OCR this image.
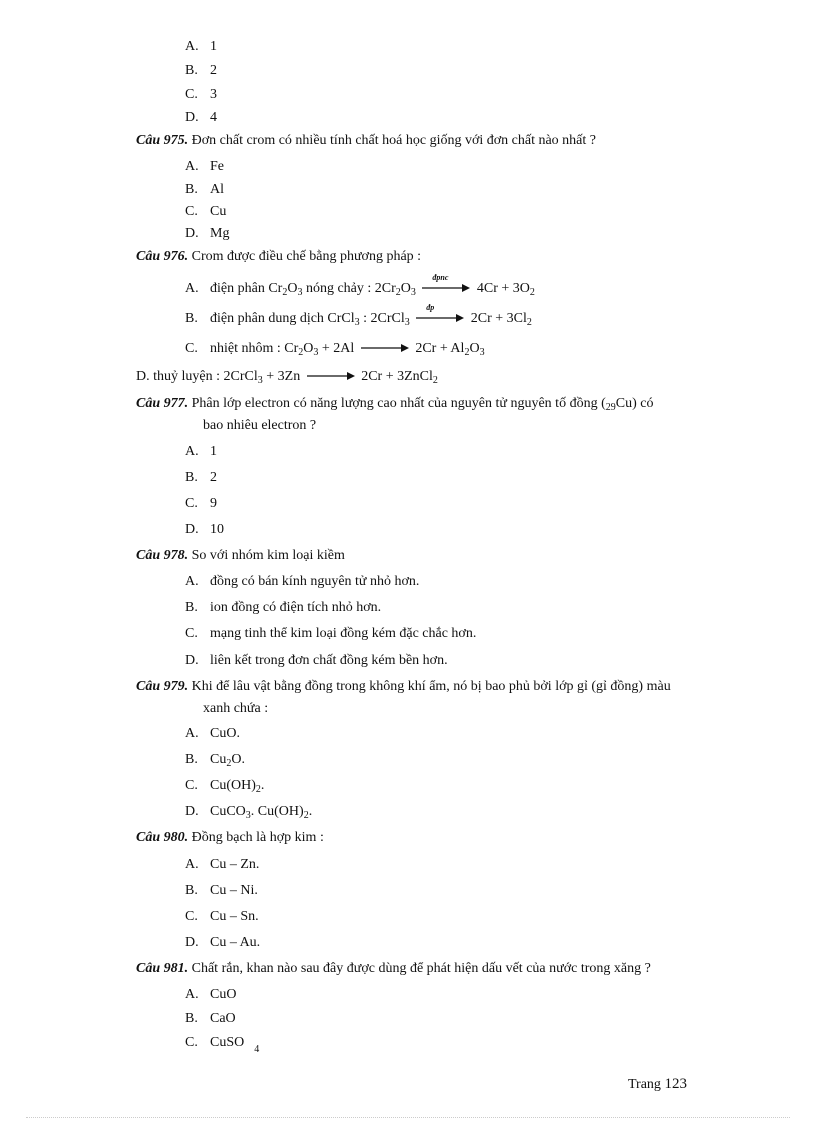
A. 1
B. 2
C. 3
D. 4
Câu 975. Đơn chất crom có nhiều tính chất hoá học giống với đơn chất nào nhất ?
A. Fe
B. Al
C. Cu
D. Mg
Câu 976. Crom được điều chế bằng phương pháp :
A. điện phân $Cr_2O_3$ nóng chảy : $2Cr_2O_3$
đpnc
$4Cr + 3O_2$
B. điện phân dung dịch CrCl$_3$ : 2CrCl$_3$
đp
$2Cr + 3Cl_2$
C. nhiệt nhôm : $Cr_2O_3 + 2Al \to 2Cr + Al_2O_3$
D. thuỷ luyện : 2CrCl$_3$ + 3Zn → 2Cr + 3ZnCl$_2$
Câu 977. Phân lớp electron có năng lượng cao nhất của nguyên tử nguyên tố đồng $(_{29}Cu)$ có
bao nhiêu electron ?
A. 1
B. 2
C. 9
D. 10
Câu 978. So với nhóm kim loại kiềm
A. đồng có bán kính nguyên tử nhỏ hơn.
B. ion đồng có điện tích nhỏ hơn.
C. mạng tinh thể kim loại đồng kém đặc chắc hơn.
D. liên kết trong đơn chất đồng kém bền hơn.
Câu 979. Khi để lâu vật bằng đồng trong không khí ẩm, nó bị bao phủ bởi lớp gỉ (gỉ đồng) màu
xanh chứa :
A. CuO.
B. $Cu_2O$.
C. $Cu(OH)_2$.
D. CuCO$_3$. $Cu(OH)_2$.
Câu 980. Đồng bạch là hợp kim :
A. Cu – Zn.
B. Cu – Ni.
C. Cu – Sn.
D. Cu – Au.
Câu 981. Chất rắn, khan nào sau đây được dùng để phát hiện dấu vết của nước trong xăng ?
A. CuO
B. CaO
C. CuSO $_4$
Trang 123
